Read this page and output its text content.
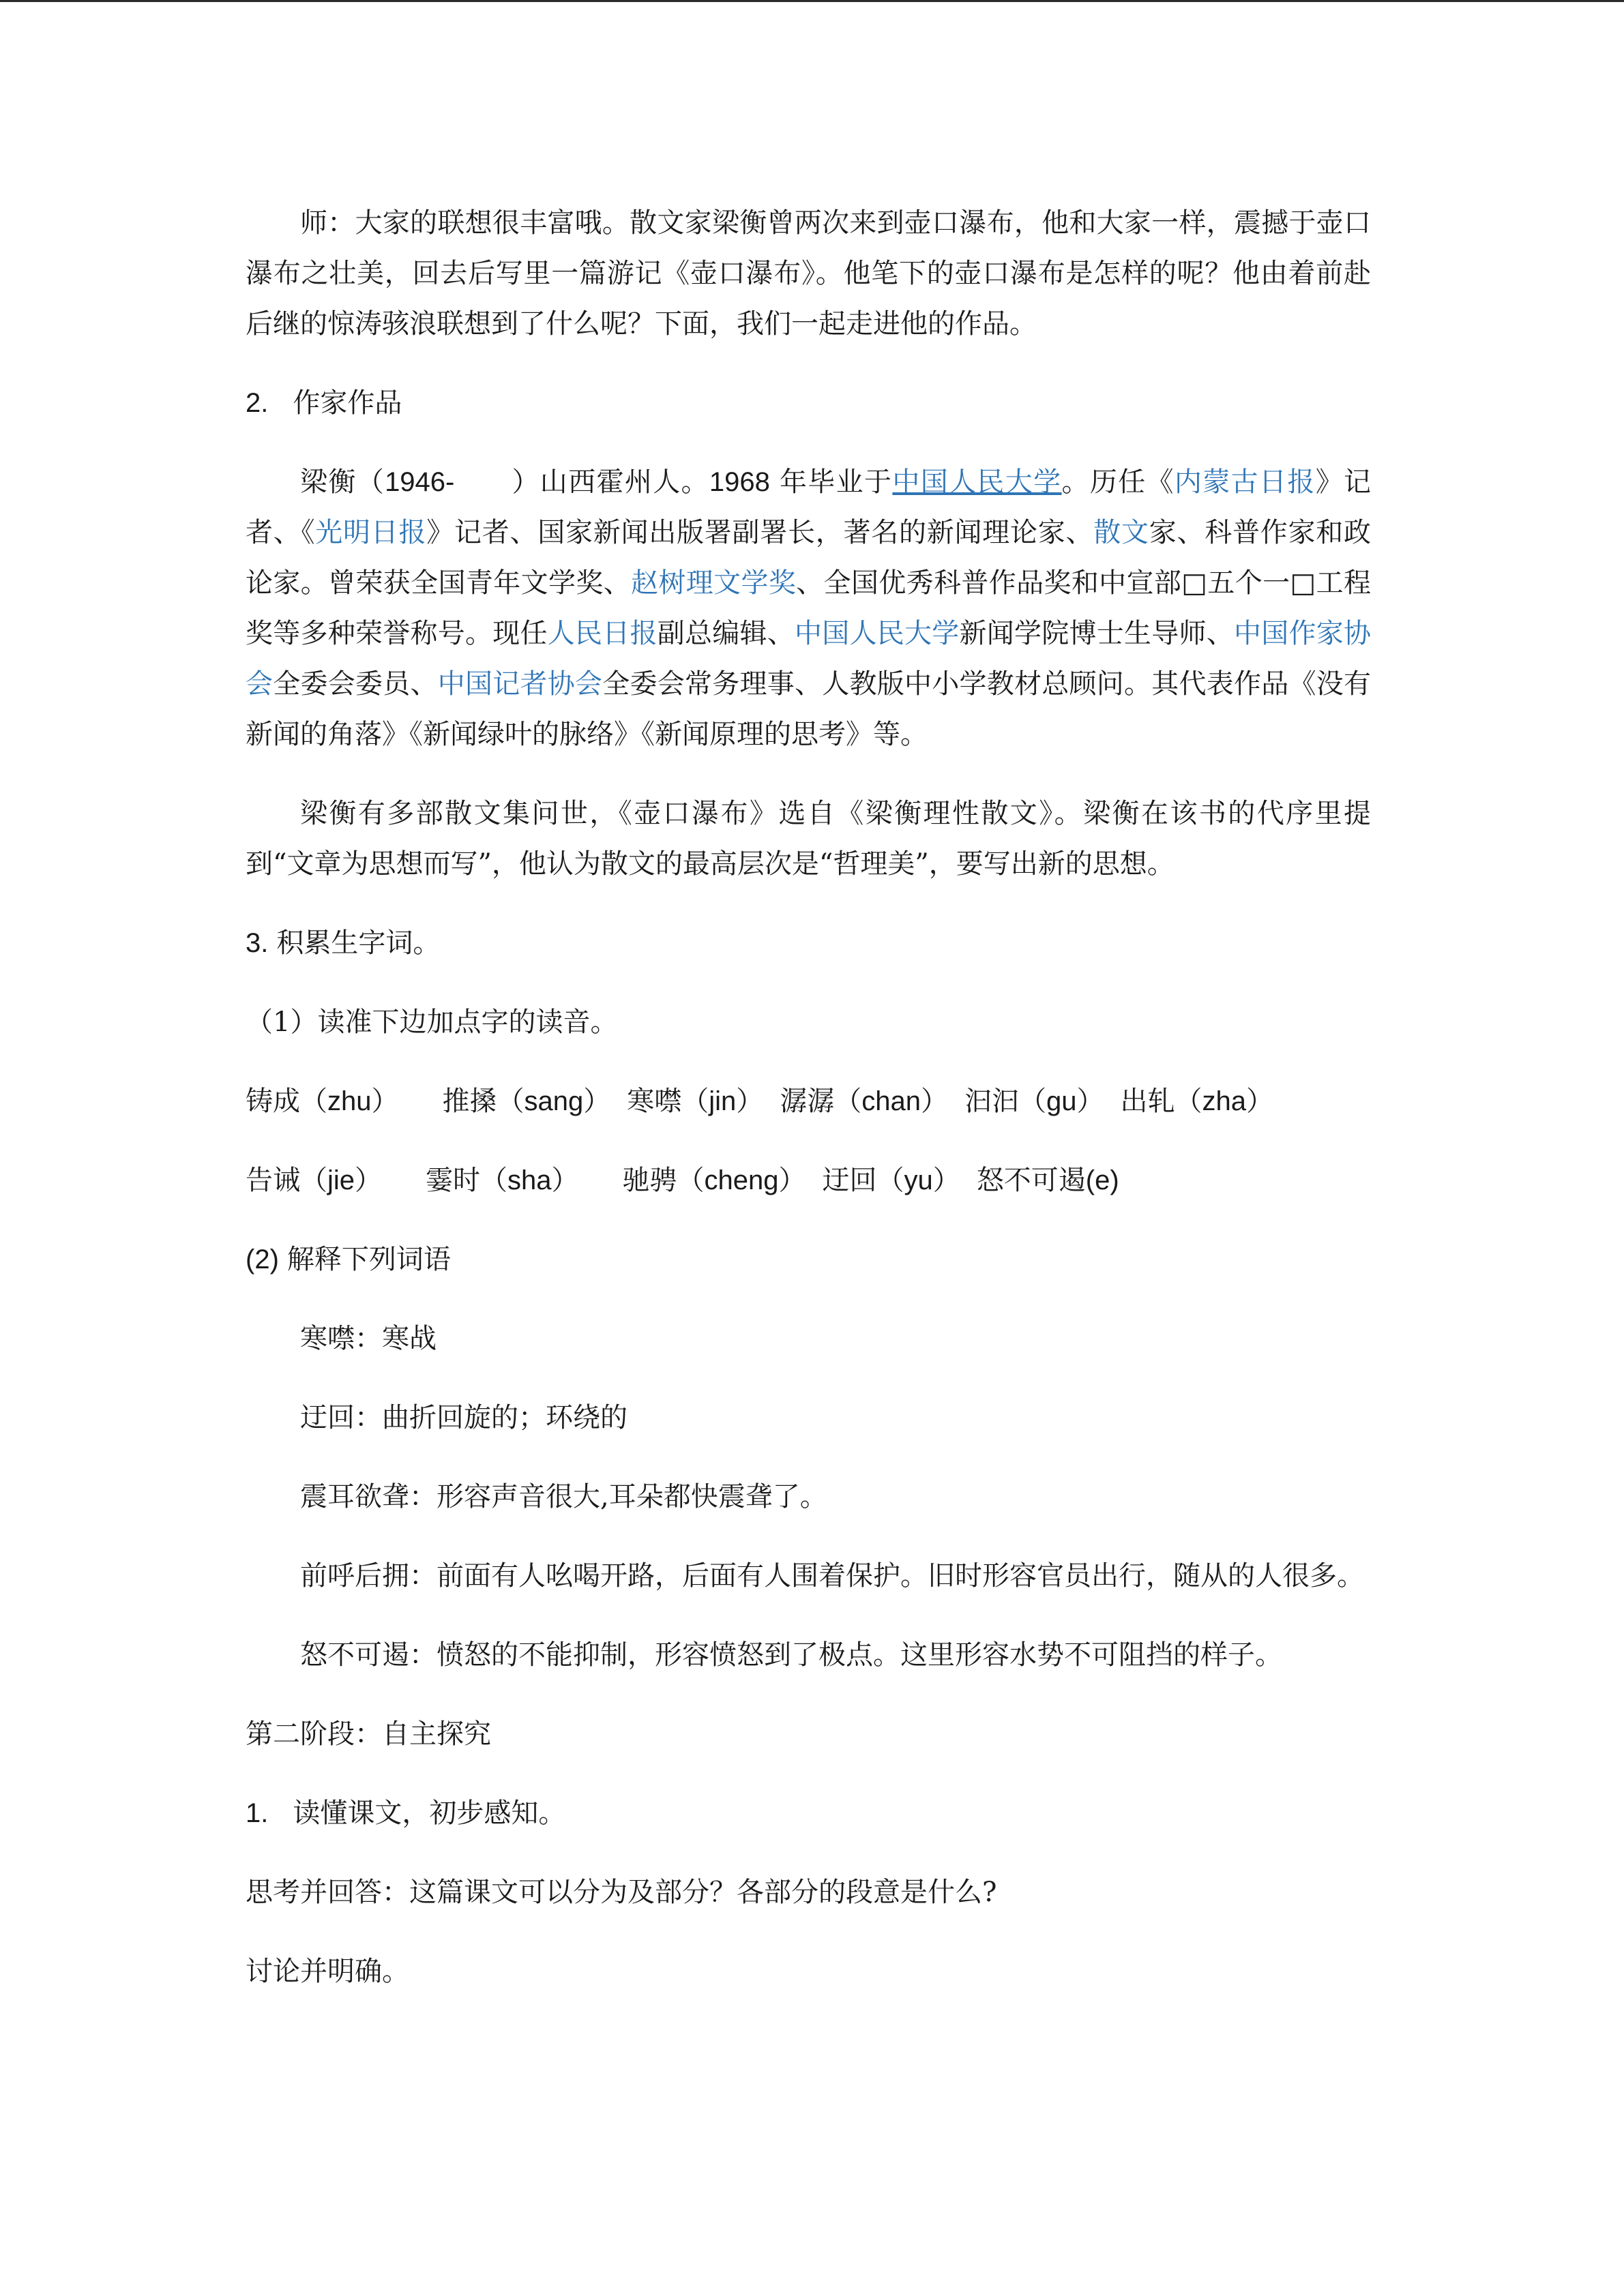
师：大家的联想很丰富哦。散文家梁衡曾两次来到壶口瀑布，他和大家一样，震撼于壶口瀑布之壮美，回去后写里一篇游记《壶口瀑布》。他笔下的壶口瀑布是怎样的呢？他由着前赴后继的惊涛骇浪联想到了什么呢？下面，我们一起走进他的作品。

2. 作家作品

梁衡（1946-　　）山西霍州人。1968 年毕业于中国人民大学。历任《内蒙古日报》记者、《光明日报》记者、国家新闻出版署副署长，著名的新闻理论家、散文家、科普作家和政论家。曾荣获全国青年文学奖、赵树理文学奖、全国优秀科普作品奖和中宣部□五个一□工程奖等多种荣誉称号。现任人民日报副总编辑、中国人民大学新闻学院博士生导师、中国作家协会全委会委员、中国记者协会全委会常务理事、人教版中小学教材总顾问。其代表作品《没有新闻的角落》《新闻绿叶的脉络》《新闻原理的思考》等。

梁衡有多部散文集问世，《壶口瀑布》选自《梁衡理性散文》。梁衡在该书的代序里提到“文章为思想而写”，他认为散文的最高层次是“哲理美”，要写出新的思想。

3. 积累生字词。

（1）读准下边加点字的读音。

铸成（zhu） 推搡（sang） 寒噤（jin） 潺潺（chan） 汩汩（gu） 出轧（zha）

告诫（jie） 霎时（sha） 驰骋（cheng） 迂回（yu） 怒不可遏(e)

(2) 解释下列词语

寒噤：寒战

迂回：曲折回旋的；环绕的

震耳欲聋：形容声音很大,耳朵都快震聋了。

前呼后拥：前面有人吆喝开路，后面有人围着保护。旧时形容官员出行，随从的人很多。

怒不可遏：愤怒的不能抑制，形容愤怒到了极点。这里形容水势不可阻挡的样子。

第二阶段：自主探究

1. 读懂课文，初步感知。

思考并回答：这篇课文可以分为及部分？各部分的段意是什么?

讨论并明确。
